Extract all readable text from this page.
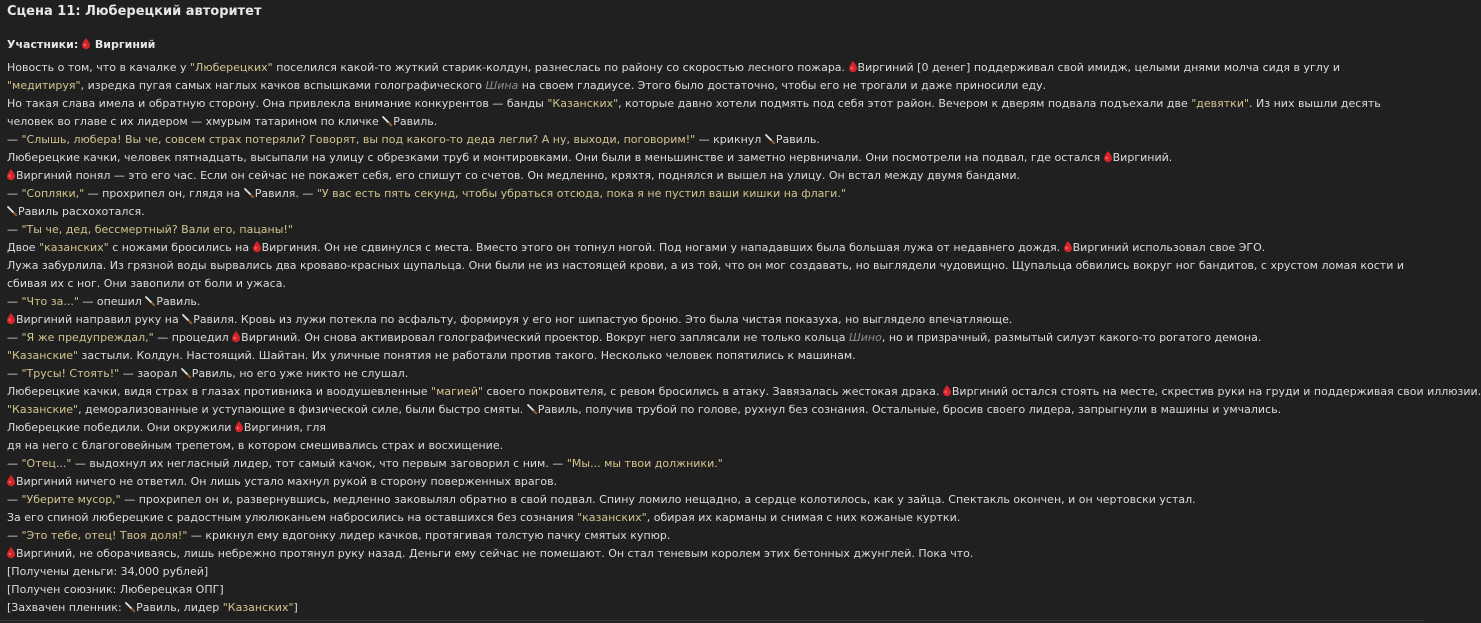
Сцена 11: Люберецкий авторитет
Участники: Виргиний
Новость о том, что в качалке у "Люберецких" поселился какой-то жуткий старик-колдун, разнеслась по району со скоростью лесного пожара. Виргиний [0 денег] поддерживал свой имидж, целыми днями молча сидя в углу и "медитируя", изредка пугая самых наглых качков вспышками голографического Шина на своем гладиусе. Этого было достаточно, чтобы его не трогали и даже приносили еду.
Но такая слава имела и обратную сторону. Она привлекла внимание конкурентов — банды "Казанских", которые давно хотели подмять под себя этот район. Вечером к дверям подвала подъехали две "девятки". Из них вышли десять человек во главе с их лидером — хмурым татарином по кличке Равиль.
— "Слышь, любера! Вы че, совсем страх потеряли? Говорят, вы под какого-то деда легли? А ну, выходи, поговорим!" — крикнул Равиль.
Люберецкие качки, человек пятнадцать, высыпали на улицу с обрезками труб и монтировками. Они были в меньшинстве и заметно нервничали. Они посмотрели на подвал, где остался Виргиний.
Виргиний понял — это его час. Если он сейчас не покажет себя, его спишут со счетов. Он медленно, кряхтя, поднялся и вышел на улицу. Он встал между двумя бандами.
— "Сопляки," — прохрипел он, глядя на Равиля. — "У вас есть пять секунд, чтобы убраться отсюда, пока я не пустил ваши кишки на флаги."
Равиль расхохотался.
— "Ты че, дед, бессмертный? Вали его, пацаны!"
Двое "казанских" с ножами бросились на Виргиния. Он не сдвинулся с места. Вместо этого он топнул ногой. Под ногами у нападавших была большая лужа от недавнего дождя. Виргиний использовал свое ЭГО.
Лужа забурлила. Из грязной воды вырвались два кроваво-красных щупальца. Они были не из настоящей крови, а из той, что он мог создавать, но выглядели чудовищно. Щупальца обвились вокруг ног бандитов, с хрустом ломая кости и сбивая их с ног. Они завопили от боли и ужаса.
— "Что за..." — опешил Равиль.
Виргиний направил руку на Равиля. Кровь из лужи потекла по асфальту, формируя у его ног шипастую броню. Это была чистая показуха, но выглядело впечатляюще.
— "Я же предупреждал," — процедил Виргиний. Он снова активировал голографический проектор. Вокруг него заплясали не только кольца Шино, но и призрачный, размытый силуэт какого-то рогатого демона.
"Казанские" застыли. Колдун. Настоящий. Шайтан. Их уличные понятия не работали против такого. Несколько человек попятились к машинам.
— "Трусы! Стоять!" — заорал Равиль, но его уже никто не слушал.
Люберецкие качки, видя страх в глазах противника и воодушевленные "магией" своего покровителя, с ревом бросились в атаку. Завязалась жестокая драка. Виргиний остался стоять на месте, скрестив руки на груди и поддерживая свои иллюзии.
"Казанские", деморализованные и уступающие в физической силе, были быстро смяты. Равиль, получив трубой по голове, рухнул без сознания. Остальные, бросив своего лидера, запрыгнули в машины и умчались.
Люберецкие победили. Они окружили Виргиния, гля
дя на него с благоговейным трепетом, в котором смешивались страх и восхищение.
— "Отец..." — выдохнул их негласный лидер, тот самый качок, что первым заговорил с ним. — "Мы... мы твои должники."
Виргиний ничего не ответил. Он лишь устало махнул рукой в сторону поверженных врагов.
— "Уберите мусор," — прохрипел он и, развернувшись, медленно заковылял обратно в свой подвал. Спину ломило нещадно, а сердце колотилось, как у зайца. Спектакль окончен, и он чертовски устал.
За его спиной люберецкие с радостным улюлюканьем набросились на оставшихся без сознания "казанских", обирая их карманы и снимая с них кожаные куртки.
— "Это тебе, отец! Твоя доля!" — крикнул ему вдогонку лидер качков, протягивая толстую пачку смятых купюр.
Виргиний, не оборачиваясь, лишь небрежно протянул руку назад. Деньги ему сейчас не помешают. Он стал теневым королем этих бетонных джунглей. Пока что.
[Получены деньги: 34,000 рублей]
[Получен союзник: Люберецкая ОПГ]
[Захвачен пленник: Равиль, лидер "Казанских"]
